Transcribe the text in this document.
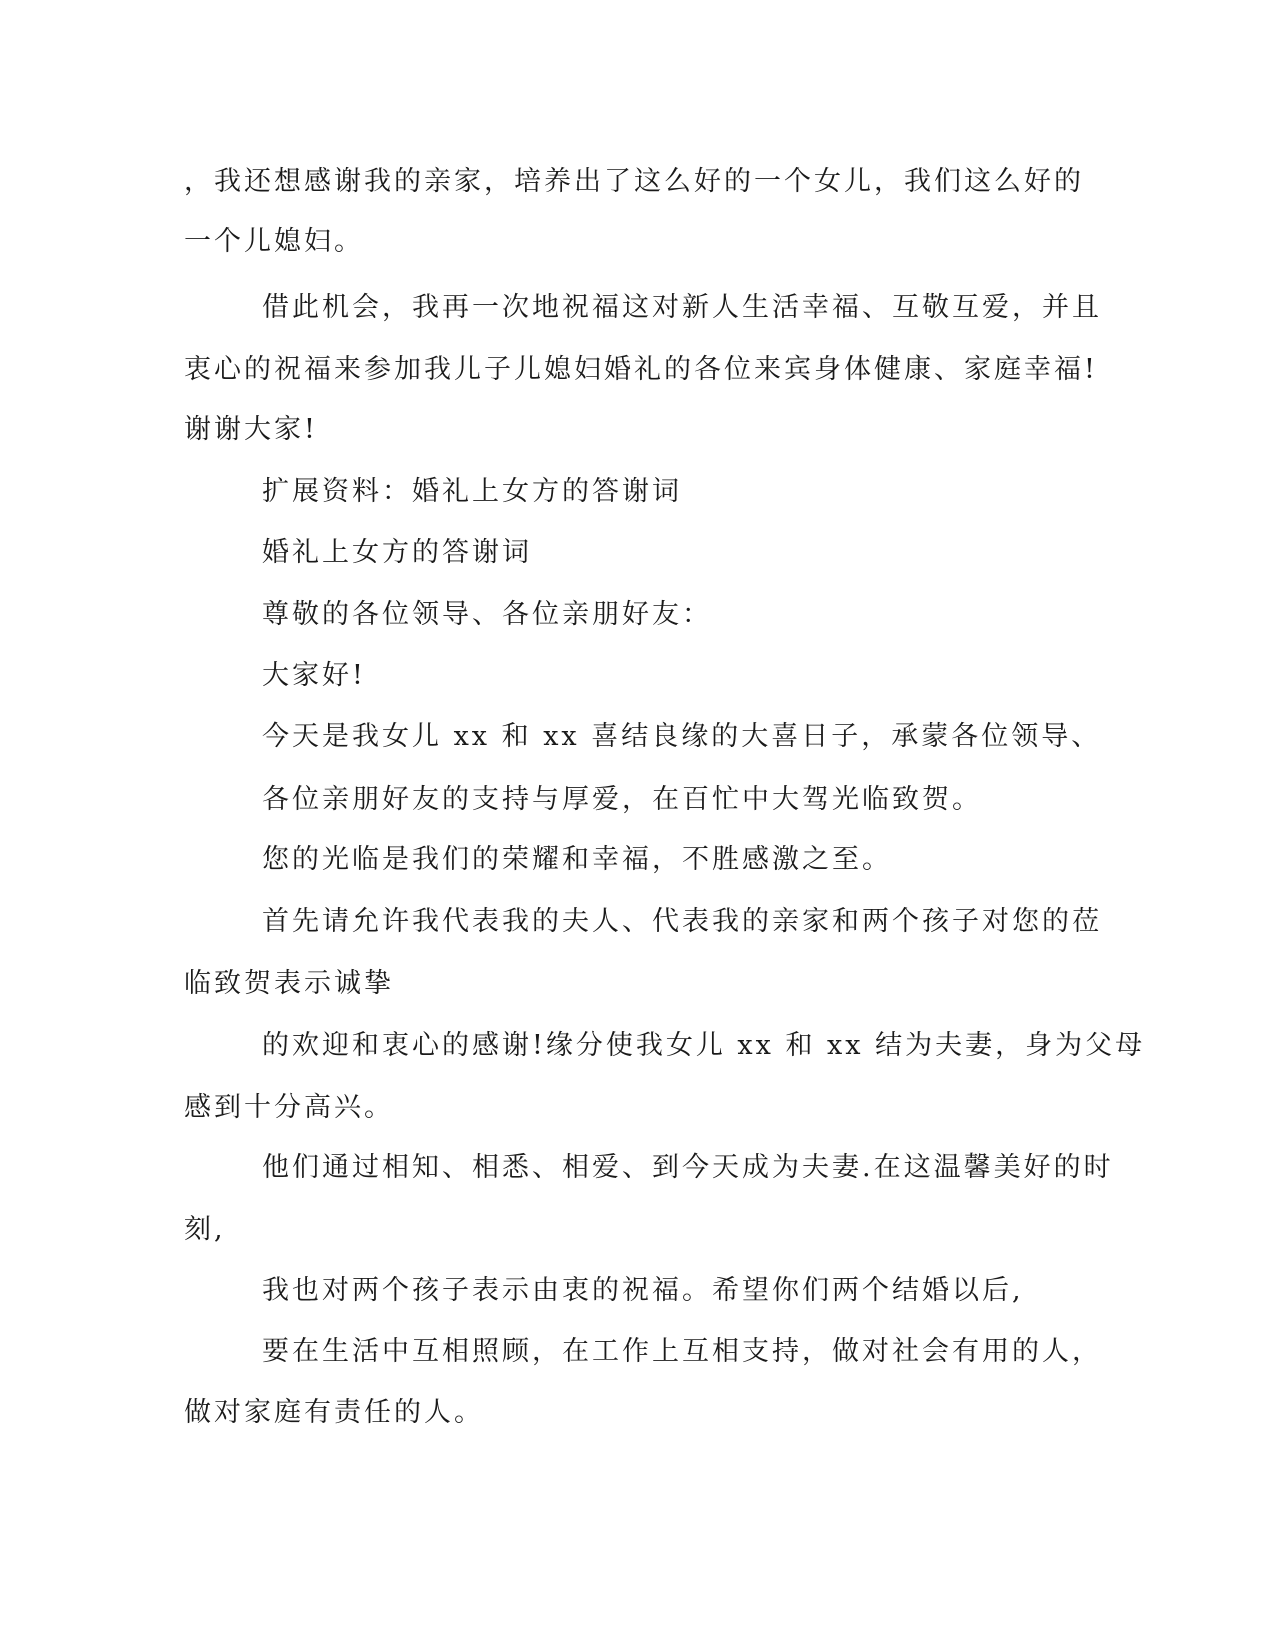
，我还想感谢我的亲家，培养出了这么好的一个女儿，我们这么好的

一个儿媳妇。

借此机会，我再一次地祝福这对新人生活幸福、互敬互爱，并且

衷心的祝福来参加我儿子儿媳妇婚礼的各位来宾身体健康、家庭幸福!

谢谢大家!

扩展资料：婚礼上女方的答谢词

婚礼上女方的答谢词

尊敬的各位领导、各位亲朋好友：

大家好!

今天是我女儿 xx 和 xx 喜结良缘的大喜日子，承蒙各位领导、

各位亲朋好友的支持与厚爱，在百忙中大驾光临致贺。

您的光临是我们的荣耀和幸福，不胜感激之至。

首先请允许我代表我的夫人、代表我的亲家和两个孩子对您的莅

临致贺表示诚挚

的欢迎和衷心的感谢!缘分使我女儿 xx 和 xx 结为夫妻，身为父母

感到十分高兴。

他们通过相知、相悉、相爱、到今天成为夫妻.在这温馨美好的时

刻,

我也对两个孩子表示由衷的祝福。希望你们两个结婚以后,

要在生活中互相照顾，在工作上互相支持，做对社会有用的人，

做对家庭有责任的人。
